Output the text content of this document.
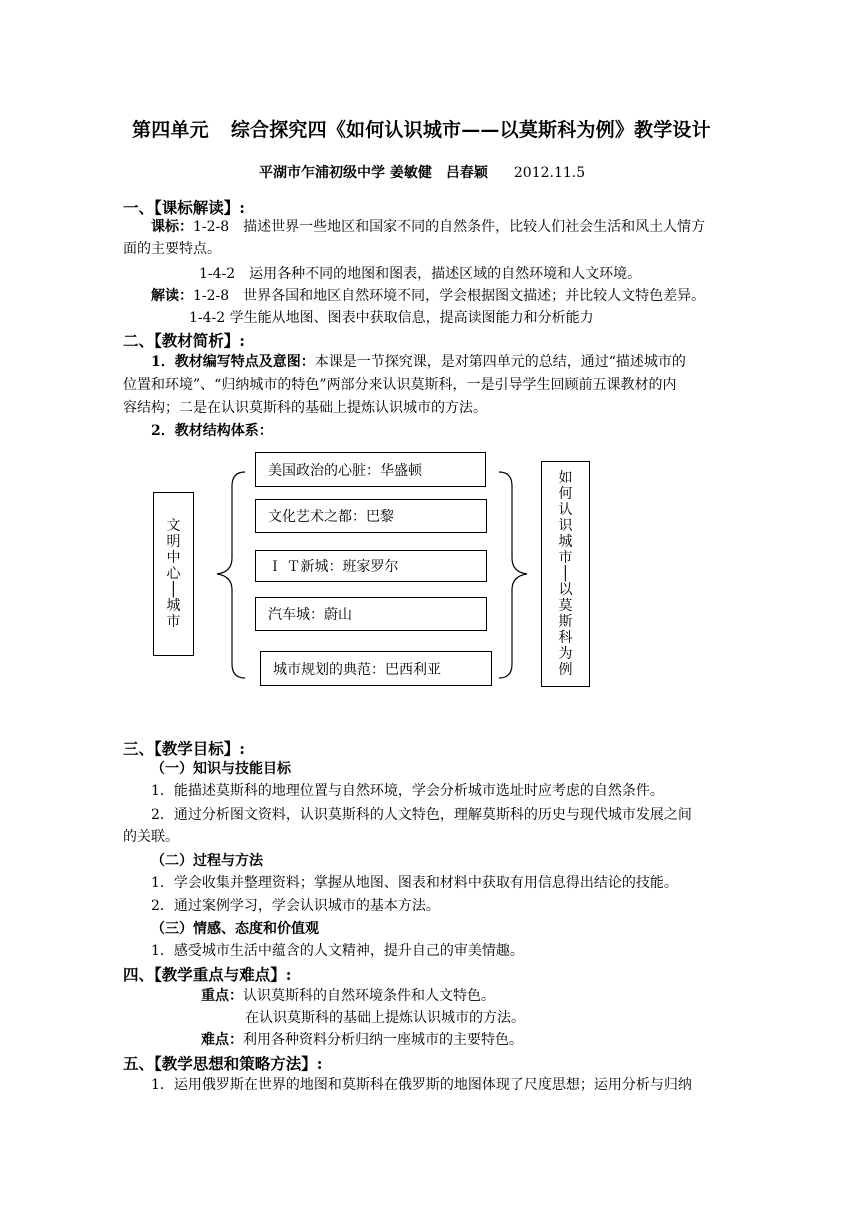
第四单元 综合探究四《如何认识城市——以莫斯科为例》教学设计
平湖市乍浦初级中学 姜敏健　吕春颖 2012.11.5
一、【课标解读】:
课标：1-2-8　描述世界一些地区和国家不同的自然条件，比较人们社会生活和风土人情方
面的主要特点。
1-4-2　运用各种不同的地图和图表，描述区域的自然环境和人文环境。
解读：1-2-8　世界各国和地区自然环境不同，学会根据图文描述；并比较人文特色差异。
1-4-2 学生能从地图、图表中获取信息，提高读图能力和分析能力
二、【教材简析】:
1．教材编写特点及意图：本课是一节探究课，是对第四单元的总结，通过“描述城市的
位置和环境”、“归纳城市的特色”两部分来认识莫斯科，一是引导学生回顾前五课教材的内
容结构；二是在认识莫斯科的基础上提炼认识城市的方法。
2．教材结构体系：
文
明
中
心
│
城
市
美国政治的心脏：华盛顿
文化艺术之都：巴黎
Ｉ Ｔ新城：班家罗尔
汽车城：蔚山
城市规划的典范：巴西利亚
如
何
认
识
城
市
│
以
莫
斯
科
为
例
三、【教学目标】:
（一）知识与技能目标
1．能描述莫斯科的地理位置与自然环境，学会分析城市选址时应考虑的自然条件。
2．通过分析图文资料，认识莫斯科的人文特色，理解莫斯科的历史与现代城市发展之间
的关联。
（二）过程与方法
1．学会收集并整理资料；掌握从地图、图表和材料中获取有用信息得出结论的技能。
2．通过案例学习，学会认识城市的基本方法。
（三）情感、态度和价值观
1．感受城市生活中蕴含的人文精神，提升自己的审美情趣。
四、【教学重点与难点】:
重点：认识莫斯科的自然环境条件和人文特色。
在认识莫斯科的基础上提炼认识城市的方法。
难点：利用各种资料分析归纳一座城市的主要特色。
五、【教学思想和策略方法】:
1．运用俄罗斯在世界的地图和莫斯科在俄罗斯的地图体现了尺度思想；运用分析与归纳
